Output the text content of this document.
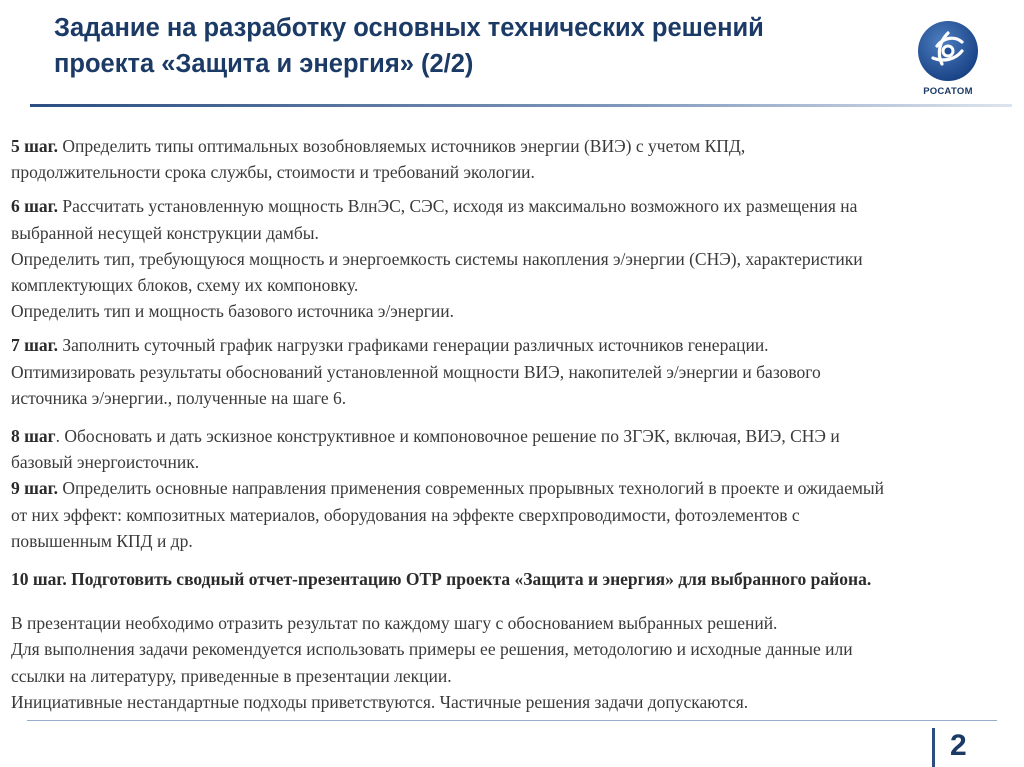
Задание на разработку основных технических решений
проекта «Защита и энергия» (2/2)
РОСАТОМ

5 шаг. Определить типы оптимальных возобновляемых источников энергии (ВИЭ) с учетом КПД,
продолжительности срока службы, стоимости и требований экологии.

6 шаг. Рассчитать установленную мощность ВлнЭС, СЭС, исходя из максимально возможного их размещения на
выбранной несущей конструкции дамбы.

Определить тип, требующуюся мощность и энергоемкость системы накопления э/энергии (СНЭ), характеристики
комплектующих блоков, схему их компоновку.

Определить тип и мощность базового источника э/энергии.

7 шаг. Заполнить суточный график нагрузки графиками генерации различных источников генерации.
Оптимизировать результаты обоснований установленной мощности ВИЭ, накопителей э/энергии и базового
источника э/энергии., полученные на шаге 6.

8 шаг. Обосновать и дать эскизное конструктивное и компоновочное решение по ЗГЭК, включая, ВИЭ, СНЭ и
базовый энергоисточник.

9 шаг. Определить основные направления применения современных прорывных технологий в проекте и ожидаемый
от них эффект: композитных материалов, оборудования на эффекте сверхпроводимости, фотоэлементов с
повышенным КПД и др.

10 шаг. Подготовить сводный отчет-презентацию ОТР проекта «Защита и энергия» для выбранного района.

В презентации необходимо отразить результат по каждому шагу с обоснованием выбранных решений.

Для выполнения задачи рекомендуется использовать примеры ее решения, методологию и исходные данные или
ссылки на литературу, приведенные в презентации лекции.

Инициативные нестандартные подходы приветствуются. Частичные решения задачи допускаются.

2
